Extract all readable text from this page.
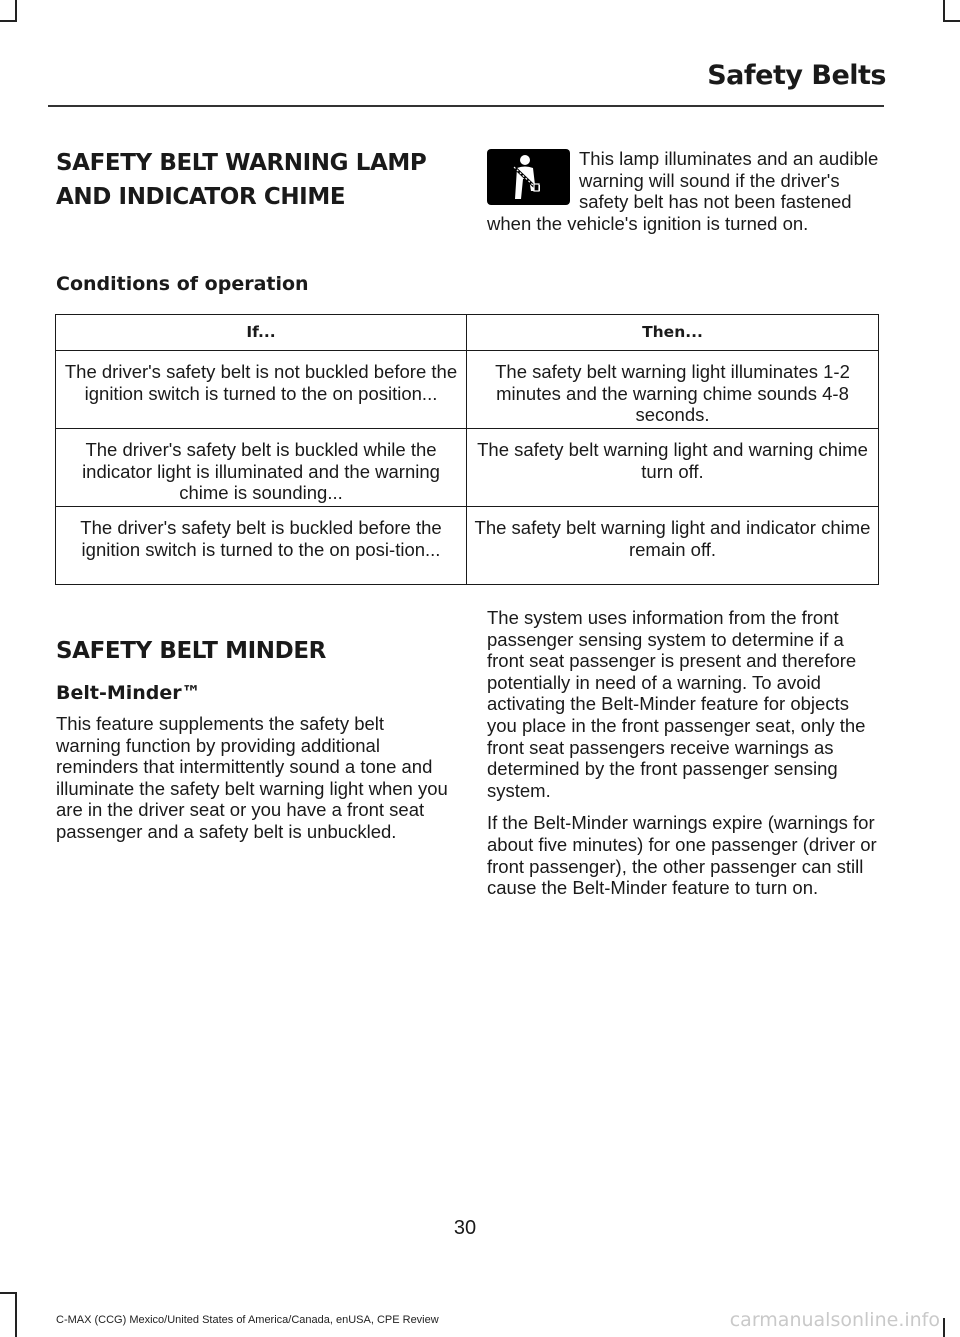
Safety Belts
SAFETY BELT WARNING LAMP
AND INDICATOR CHIME
This lamp illuminates and an audible warning will sound if the driver's safety belt has not been fastened when the vehicle's ignition is turned on.
Conditions of operation
If...	Then...
The driver's safety belt is not buckled before the ignition switch is turned to the on position...	The safety belt warning light illuminates 1-2 minutes and the warning chime sounds 4-8 seconds.
The driver's safety belt is buckled while the indicator light is illuminated and the warning chime is sounding...	The safety belt warning light and warning chime turn off.
The driver's safety belt is buckled before the ignition switch is turned to the on posi-tion...	The safety belt warning light and indicator chime remain off.
SAFETY BELT MINDER
Belt-Minder™

This feature supplements the safety belt warning function by providing additional reminders that intermittently sound a tone and illuminate the safety belt warning light when you are in the driver seat or you have a front seat passenger and a safety belt is unbuckled.

The system uses information from the front passenger sensing system to determine if a front seat passenger is present and therefore potentially in need of a warning. To avoid activating the Belt-Minder feature for objects you place in the front passenger seat, only the front seat passengers receive warnings as determined by the front passenger sensing system.

If the Belt-Minder warnings expire (warnings for about five minutes) for one passenger (driver or front passenger), the other passenger can still cause the Belt-Minder feature to turn on.

30
C-MAX (CCG) Mexico/United States of America/Canada, enUSA, CPE Review	carmanualsonline.info
